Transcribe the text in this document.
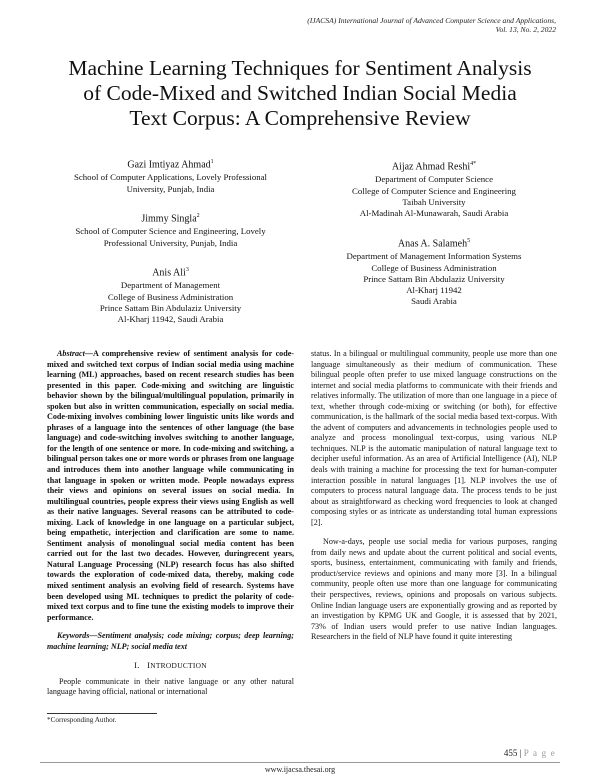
(IJACSA) International Journal of Advanced Computer Science and Applications,
Vol. 13, No. 2, 2022
Machine Learning Techniques for Sentiment Analysis
of Code-Mixed and Switched Indian Social Media
Text Corpus: A Comprehensive Review
Gazi Imtiyaz Ahmad$^1$
School of Computer Applications, Lovely Professional
University, Punjab, India
Jimmy Singla$^2$
School of Computer Science and Engineering, Lovely
Professional University, Punjab, India
Anis Ali$^3$
Department of Management
College of Business Administration
Prince Sattam Bin Abdulaziz University
Al-Kharj 11942, Saudi Arabia
Aijaz Ahmad Reshi$^{4*}$
Department of Computer Science
College of Computer Science and Engineering
Taibah University
Al-Madinah Al-Munawarah, Saudi Arabia
Anas A. Salameh$^5$
Department of Management Information Systems
College of Business Administration
Prince Sattam Bin Abdulaziz University
Al-Kharj 11942
Saudi Arabia

Abstract—A comprehensive review of sentiment analysis for code-mixed and switched text corpus of Indian social media using machine learning (ML) approaches, based on recent research studies has been presented in this paper. Code-mixing and switching are linguistic behavior shown by the bilingual/multilingual population, primarily in spoken but also in written communication, especially on social media. Code-mixing involves combining lower linguistic units like words and phrases of a language into the sentences of other language (the base language) and code-switching involves switching to another language, for the length of one sentence or more. In code-mixing and switching, a bilingual person takes one or more words or phrases from one language and introduces them into another language while communicating in that language in spoken or written mode. People nowadays express their views and opinions on several issues on social media. In multilingual countries, people express their views using English as well as their native languages. Several reasons can be attributed to code-mixing. Lack of knowledge in one language on a particular subject, being empathetic, interjection and clarification are some to name. Sentiment analysis of monolingual social media content has been carried out for the last two decades. However, duringrecent years, Natural Language Processing (NLP) research focus has also shifted towards the exploration of code-mixed data, thereby, making code mixed sentiment analysis an evolving field of research. Systems have been developed using ML techniques to predict the polarity of code-mixed text corpus and to fine tune the existing models to improve their performance.

Keywords—Sentiment analysis; code mixing; corpus; deep learning; machine learning; NLP; social media text

I. INTRODUCTION

People communicate in their native language or any other natural language having official, national or international

status. In a bilingual or multilingual community, people use more than one language simultaneously as their medium of communication. These bilingual people often prefer to use mixed language constructions on the internet and social media platforms to communicate with their friends and relatives informally. The utilization of more than one language in a piece of text, whether through code-mixing or switching (or both), for effective communication, is the hallmark of the social media based text-corpus. With the advent of computers and advancements in technologies people used to analyze and process monolingual text-corpus, using various NLP techniques. NLP is the automatic manipulation of natural language text to decipher useful information. As an area of Artificial Intelligence (AI), NLP deals with training a machine for processing the text for human-computer interaction possible in natural languages [1]. NLP involves the use of computers to process natural language data. The process tends to be just about as straightforward as checking word frequencies to look at changed composing styles or as intricate as understanding total human expressions [2].

Now-a-days, people use social media for various purposes, ranging from daily news and update about the current political and social events, sports, business, entertainment, communicating with family and friends, product/service reviews and opinions and many more [3]. In a bilingual community, people often use more than one language for communicating their perspectives, reviews, opinions and proposals on various subjects. Online Indian language users are exponentially growing and as reported by an investigation by KPMG UK and Google, it is assessed that by 2021, 73% of Indian users would prefer to use native Indian languages. Researchers in the field of NLP have found it quite interesting

*Corresponding Author.
455 | P a g e
www.ijacsa.thesai.org
